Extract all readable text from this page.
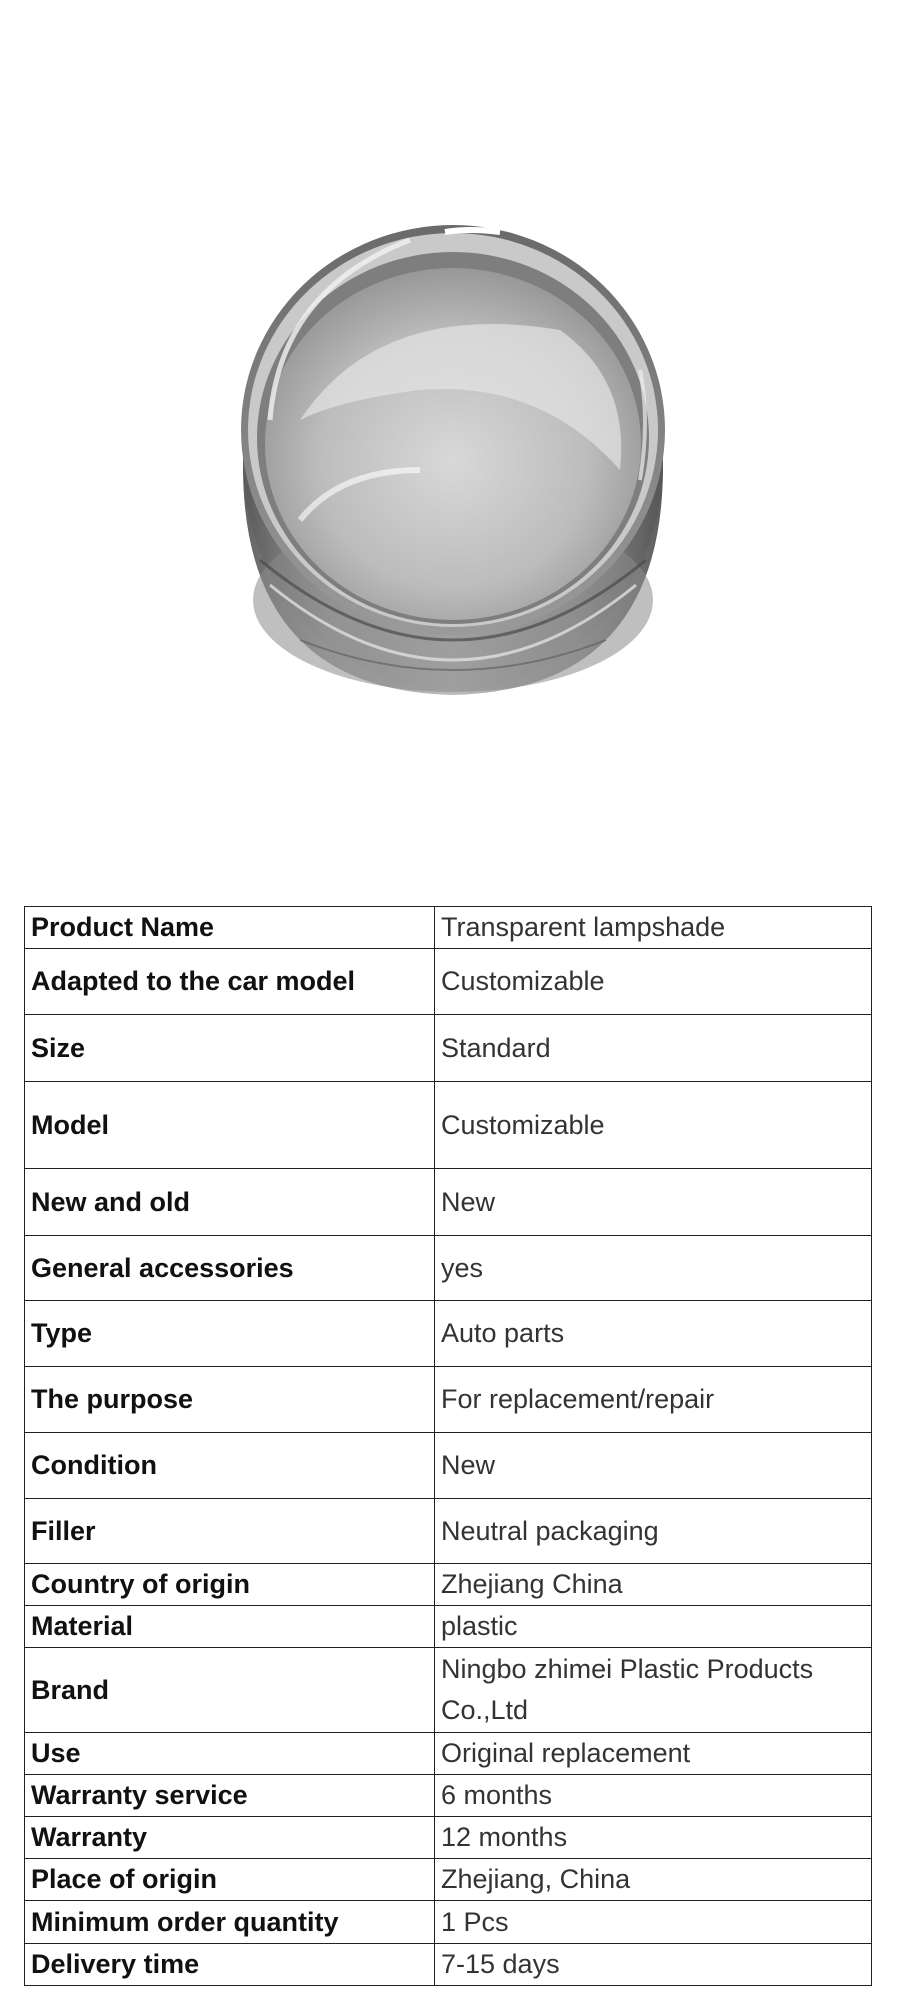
Product Name	Transparent lampshade
Adapted to the car model	Customizable
Size	Standard
Model	Customizable
New and old	New
General accessories	yes
Type	Auto parts
The purpose	For replacement/repair
Condition	New
Filler	Neutral packaging
Country of origin	Zhejiang China
Material	plastic
Brand	Ningbo zhimei Plastic Products Co.,Ltd
Use	Original replacement
Warranty service	6 months
Warranty	12 months
Place of origin	Zhejiang, China
Minimum order quantity	1 Pcs
Delivery time	7-15 days
